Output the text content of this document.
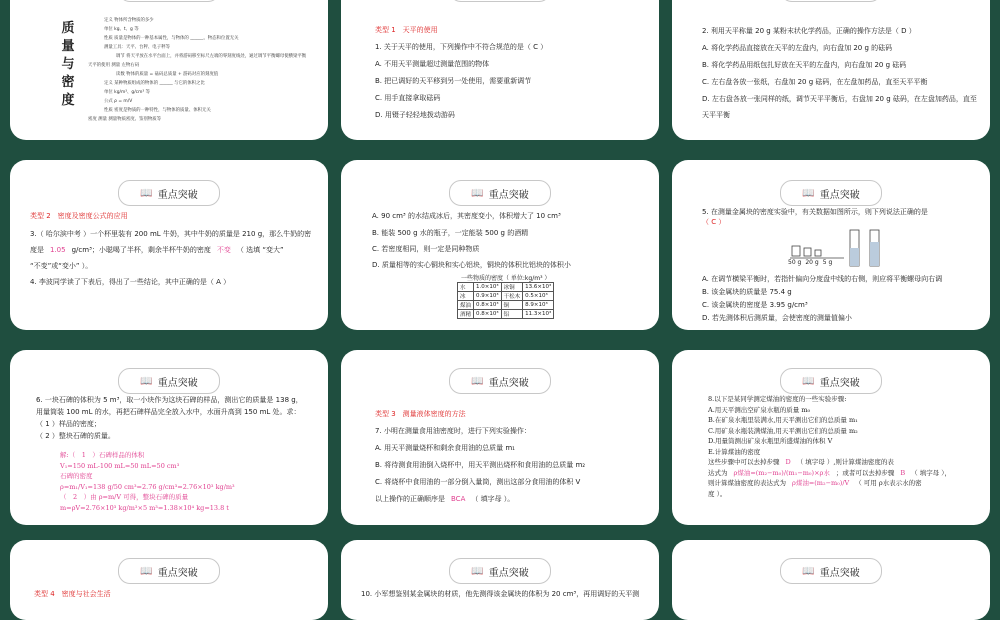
质
量
与
密
度
定义 物体所含物质的多少
单位 kg、t、g 等
性质 质量是物体的一种基本属性，与物体的 ______、物态和位置无关
测量工具：天平、台秤、电子秤等
调节 将天平放在水平台面上，并将游码移至标尺左端的零刻度线处，通过调节平衡螺母使横梁平衡
天平的使用 测量 左物右码
读数 物体的质量 = 砝码总质量 + 游码对应的刻度值
定义 某种物质组成的物体的 ______ 与它的体积之比
单位 kg/m³、g/cm³ 等
公式 ρ = m/V
性质 密度是物质的一种特性，与物体的质量、体积无关
密度 测量 测量物质密度、鉴别物质等
类型 1　天平的使用
1. 关于天平的使用，下列操作中不符合规范的是（ C ）
A. 不用天平测量超过测量范围的物体
B. 把已调好的天平移到另一处使用，需要重新调节
C. 用手直接拿取砝码
D. 用镊子轻轻地拨动游码
2. 利用天平称量 20 g 某粉末状化学药品，正确的操作方法是（ D ）
A. 将化学药品直接放在天平的左盘内，向右盘加 20 g 的砝码
B. 将化学药品用纸包扎好放在天平的左盘内，向右盘加 20 g 砝码
C. 左右盘各放一张纸，右盘加 20 g 砝码，在左盘加药品，直至天平平衡
D. 左右盘各放一张同样的纸，调节天平平衡后，右盘加 20 g 砝码，在左盘加药品，直至
天平平衡
📖 重点突破
类型 2　密度及密度公式的应用
3.（ 哈尔滨中考 ）一个杯里装有 200 mL 牛奶，其中牛奶的质量是 210 g，那么牛奶的密
度是 1.05 g/cm³；小聪喝了半杯，剩余半杯牛奶的密度 不变 （ 选填 “变大”
“不变”或“变小” ）。
4. 李波同学读了下表后，得出了一些结论，其中正确的是（ A ）
📖 重点突破
A. 90 cm³ 的水结成冰后，其密度变小，体积增大了 10 cm³
B. 能装 500 g 水的瓶子，一定能装 500 g 的酒精
C. 若密度相同，则一定是同种物质
D. 质量相等的实心铜块和实心铝块，铜块的体积比铝块的体积小
一些物质的密度（ 单位:kg/m³ ）
水	1.0×10³	冰铜	13.6×10³
冰	0.9×10³	干松木	0.5×10³
煤油	0.8×10³	铜	8.9×10³
酒精	0.8×10³	铝	11.3×10³
📖 重点突破
5. 在测量金属块的密度实验中，有关数据如图所示，则下列说法正确的是
（ C ）
50 g 20 g 5 g
A. 在调节横梁平衡时，若指针偏向分度盘中线的右侧，则应将平衡螺母向右调
B. 该金属块的质量是 75.4 g
C. 该金属块的密度是 3.95 g/cm³
D. 若先测体积后测质量，会使密度的测量值偏小
📖 重点突破
6. 一块石碑的体积为 5 m³，取一小块作为这块石碑的样品，测出它的质量是 138 g，
用量筒装 100 mL 的水，再把石碑样品完全放入水中，水面升高到 150 mL 处。求：
（ 1 ）样品的密度；
（ 2 ）整块石碑的质量。
解:（　1　）石碑样品的体积
V₁=150 mL-100 mL=50 mL=50 cm³
石碑的密度
ρ=m₁/V₁=138 g/50 cm³=2.76 g/cm³=2.76×10³ kg/m³
（　2　）由 ρ=m/V 可得，整块石碑的质量
m=ρV=2.76×10³ kg/m³×5 m³=1.38×10⁴ kg=13.8 t
📖 重点突破
类型 3　测量液体密度的方法
7. 小明在测量食用油密度时，进行下列实验操作：
A. 用天平测量烧杯和剩余食用油的总质量 m₁
B. 将待测食用油倒入烧杯中，用天平测出烧杯和食用油的总质量 m₂
C. 将烧杯中食用油的一部分倒入量筒，测出这部分食用油的体积 V
以上操作的正确顺序是 BCA （ 填字母 ）。
📖 重点突破
8.以下是某同学测定煤油的密度的一些实验步骤:
A.用天平测出空矿泉水瓶的质量 m₀
B.在矿泉水瓶里装满水,用天平测出它们的总质量 m₁
C.用矿泉水瓶装满煤油,用天平测出它们的总质量 m₂
D.用量筒测出矿泉水瓶里所盛煤油的体积 V
E.计算煤油的密度
这些步骤中可以去掉步骤 D （ 填字母 ）,则计算煤油密度的表
达式为 ρ煤油=(m₂−m₀)/(m₁−m₀)×ρ水 ；或者可以去掉步骤 B （ 填字母 ），
则计算煤油密度的表达式为 ρ煤油=(m₂−m₀)/V （ 可用 ρ水表示水的密
度 ）。
📖 重点突破
类型 4　密度与社会生活
📖 重点突破
10. 小军想鉴别某金属块的材质，他先测得该金属块的体积为 20 cm³，再用调好的天平测
📖 重点突破
